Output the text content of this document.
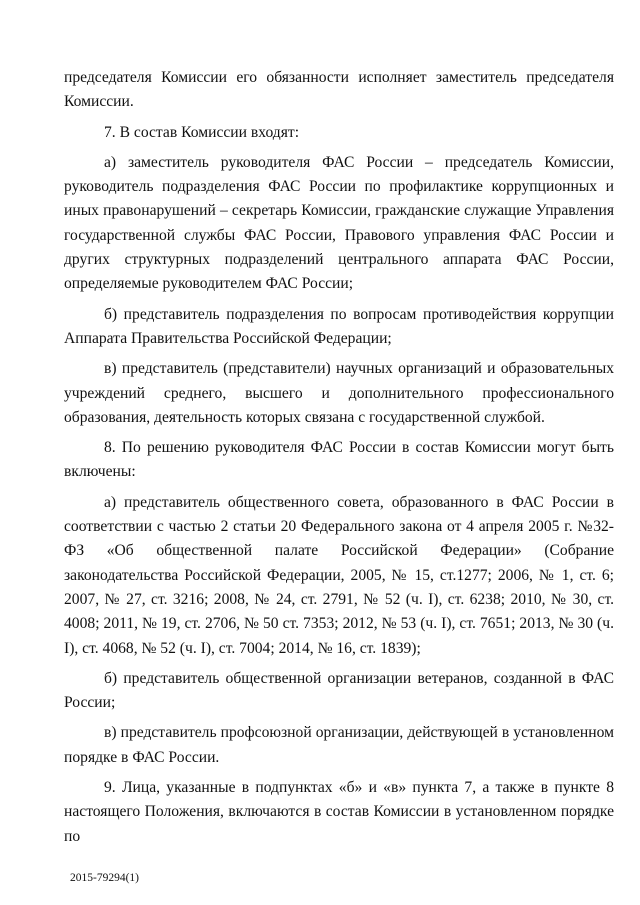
председателя Комиссии его обязанности исполняет заместитель председателя Комиссии.

7. В состав Комиссии входят:

а) заместитель руководителя ФАС России – председатель Комиссии, руководитель подразделения ФАС России по профилактике коррупционных и иных правонарушений – секретарь Комиссии, гражданские служащие Управления государственной службы ФАС России, Правового управления ФАС России и других структурных подразделений центрального аппарата ФАС России, определяемые руководителем ФАС России;

б) представитель подразделения по вопросам противодействия коррупции Аппарата Правительства Российской Федерации;

в) представитель (представители) научных организаций и образовательных учреждений среднего, высшего и дополнительного профессионального образования, деятельность которых связана с государственной службой.

8. По решению руководителя ФАС России в состав Комиссии могут быть включены:

а) представитель общественного совета, образованного в ФАС России в соответствии с частью 2 статьи 20 Федерального закона от 4 апреля 2005 г. №32-ФЗ «Об общественной палате Российской Федерации» (Собрание законодательства Российской Федерации, 2005, № 15, ст.1277; 2006, № 1, ст. 6; 2007, № 27, ст. 3216; 2008, № 24, ст. 2791, № 52 (ч. I), ст. 6238; 2010, № 30, ст. 4008; 2011, № 19, ст. 2706, № 50 ст. 7353; 2012, № 53 (ч. I), ст. 7651; 2013, № 30 (ч. I), ст. 4068, № 52 (ч. I), ст. 7004; 2014, № 16, ст. 1839);

б) представитель общественной организации ветеранов, созданной в ФАС России;

в) представитель профсоюзной организации, действующей в установленном порядке в ФАС России.

9. Лица, указанные в подпунктах «б» и «в» пункта 7, а также в пункте 8 настоящего Положения, включаются в состав Комиссии в установленном порядке по

2015-79294(1)
